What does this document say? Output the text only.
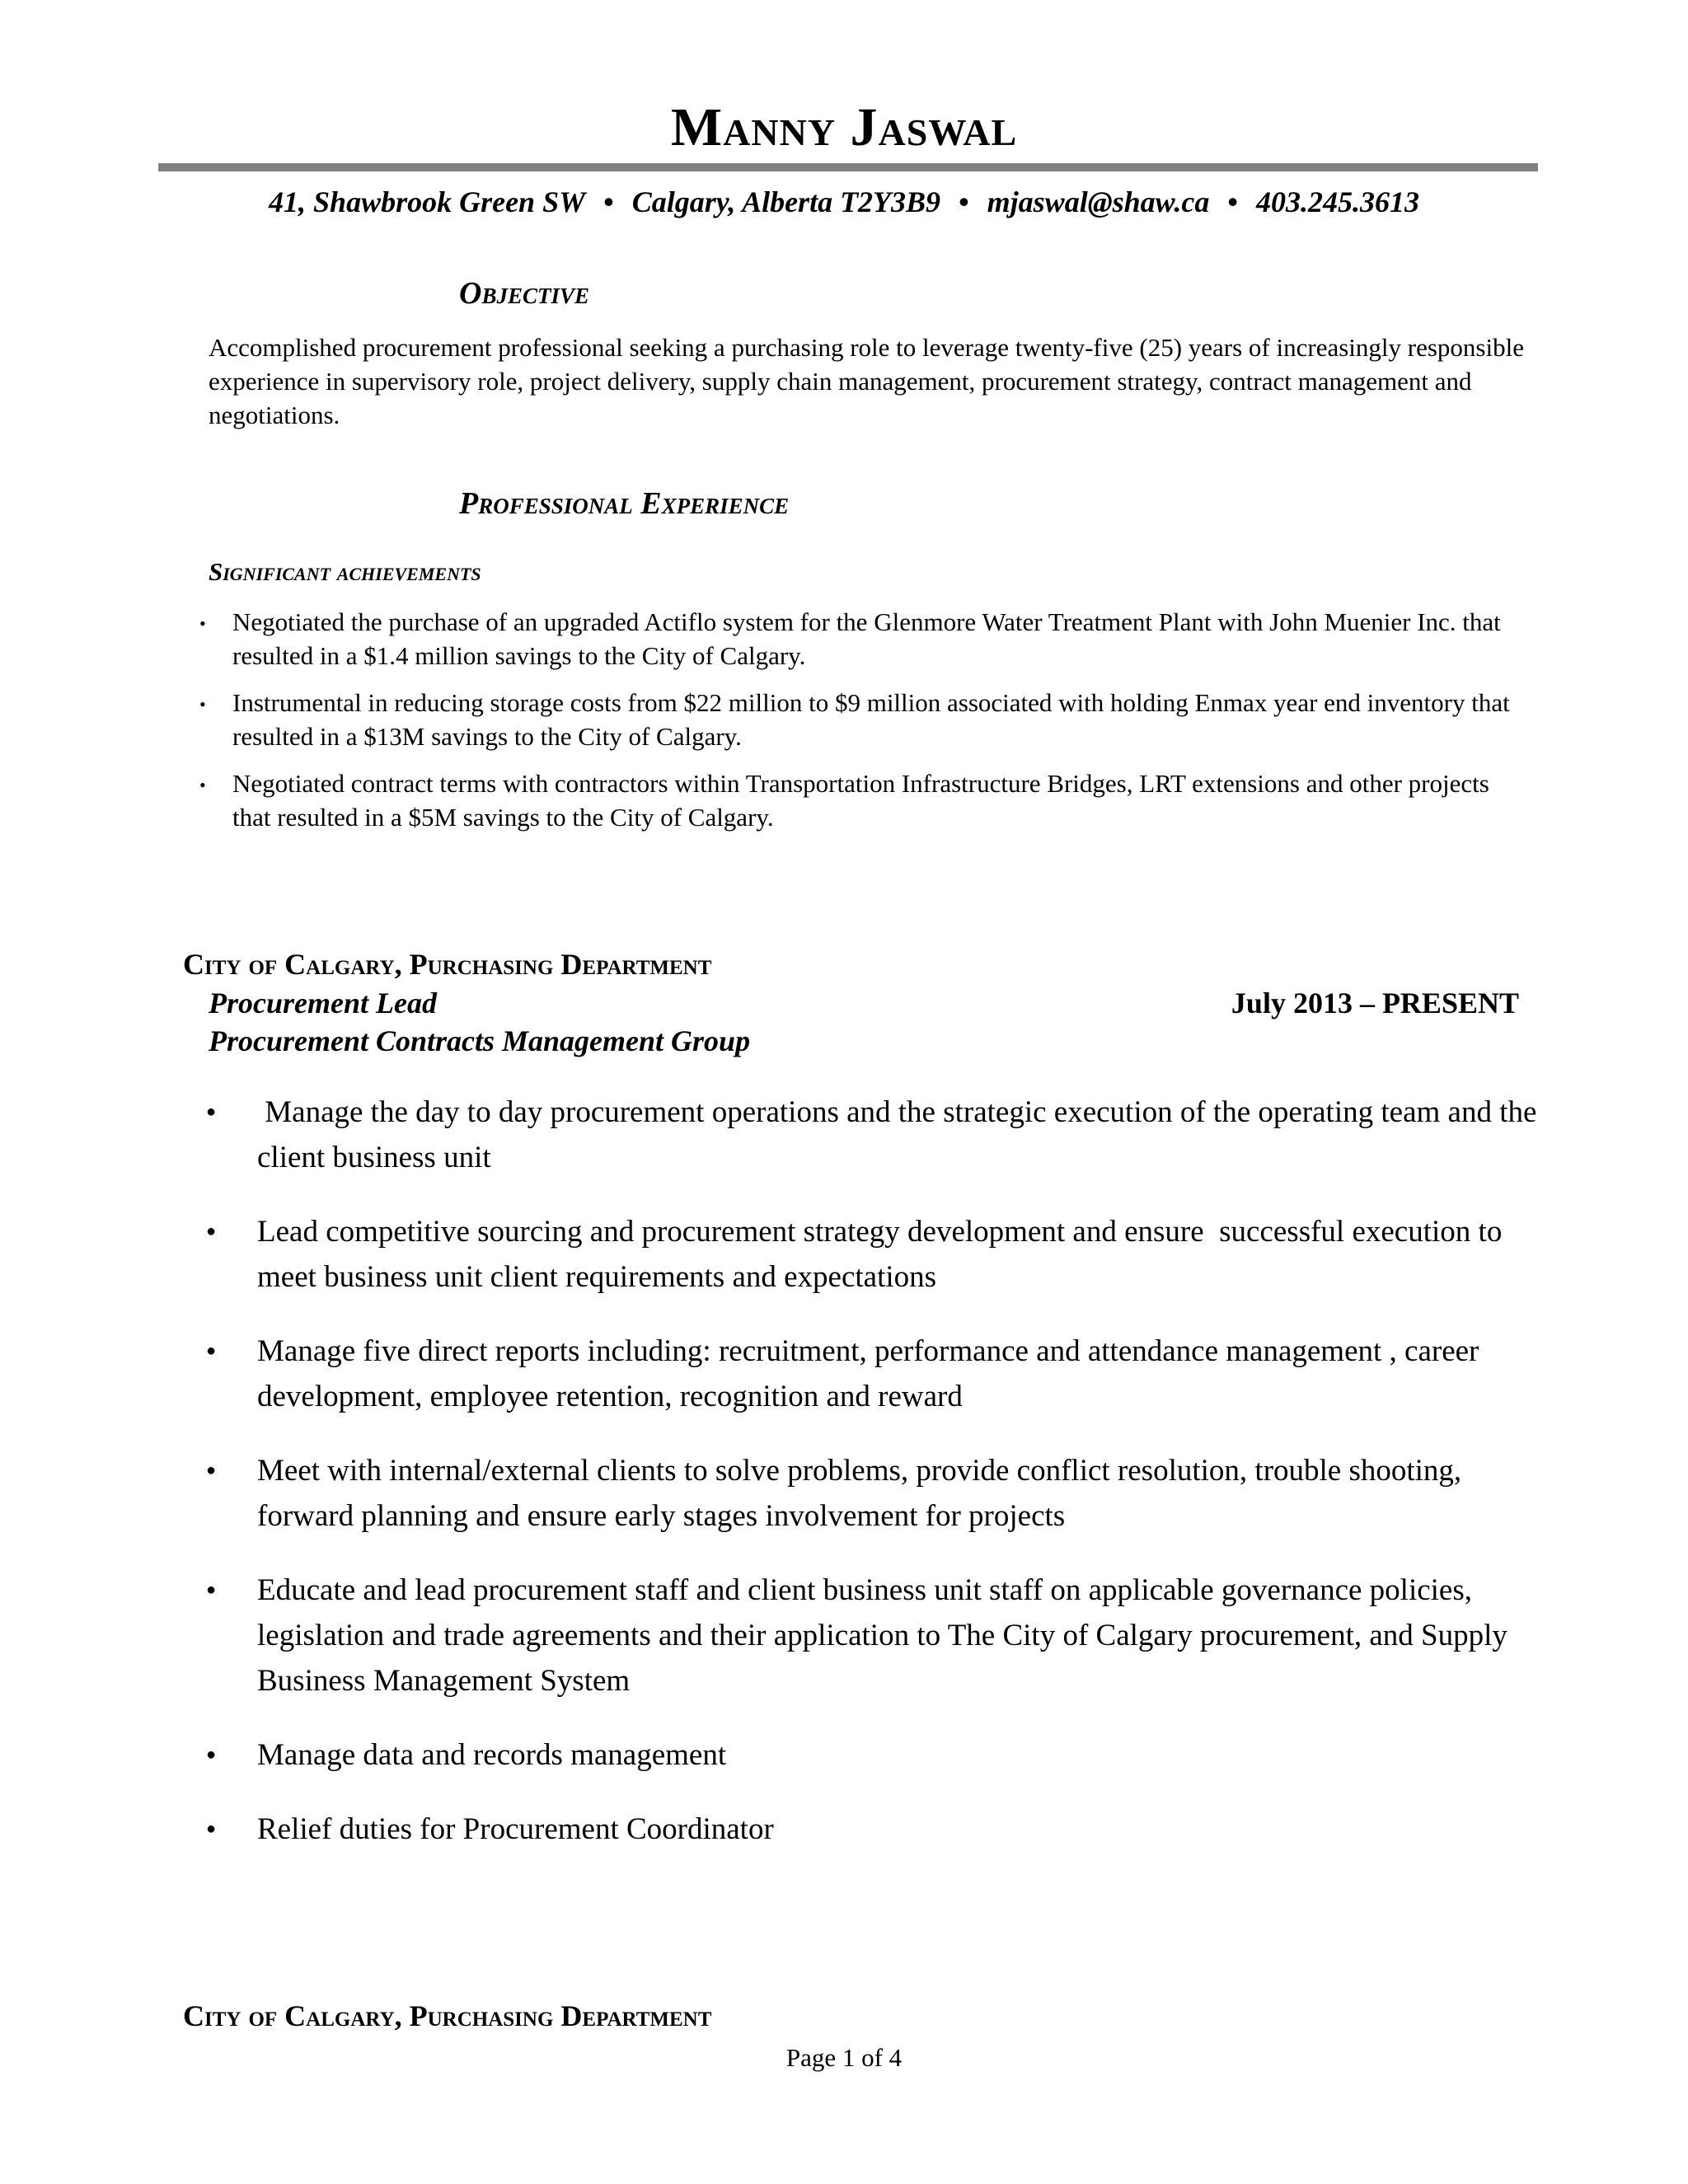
Manny Jaswal
41, Shawbrook Green SW • Calgary, Alberta T2Y3B9 • mjaswal@shaw.ca • 403.245.3613
Objective
Accomplished procurement professional seeking a purchasing role to leverage twenty-five (25) years of increasingly responsible experience in supervisory role, project delivery, supply chain management, procurement strategy, contract management and negotiations.
Professional Experience
Significant achievements
• Negotiated the purchase of an upgraded Actiflo system for the Glenmore Water Treatment Plant with John Muenier Inc. that resulted in a $1.4 million savings to the City of Calgary.
• Instrumental in reducing storage costs from $22 million to $9 million associated with holding Enmax year end inventory that resulted in a $13M savings to the City of Calgary.
• Negotiated contract terms with contractors within Transportation Infrastructure Bridges, LRT extensions and other projects that resulted in a $5M savings to the City of Calgary.
City of Calgary, Purchasing Department
Procurement Lead	July 2013 – PRESENT
Procurement Contracts Management Group
●  Manage the day to day procurement operations and the strategic execution of the operating team and the client business unit
● Lead competitive sourcing and procurement strategy development and ensure  successful execution to meet business unit client requirements and expectations
● Manage five direct reports including: recruitment, performance and attendance management , career development, employee retention, recognition and reward
● Meet with internal/external clients to solve problems, provide conflict resolution, trouble shooting, forward planning and ensure early stages involvement for projects
● Educate and lead procurement staff and client business unit staff on applicable governance policies, legislation and trade agreements and their application to The City of Calgary procurement, and Supply Business Management System
● Manage data and records management
● Relief duties for Procurement Coordinator
City of Calgary, Purchasing Department
Page 1 of 4
